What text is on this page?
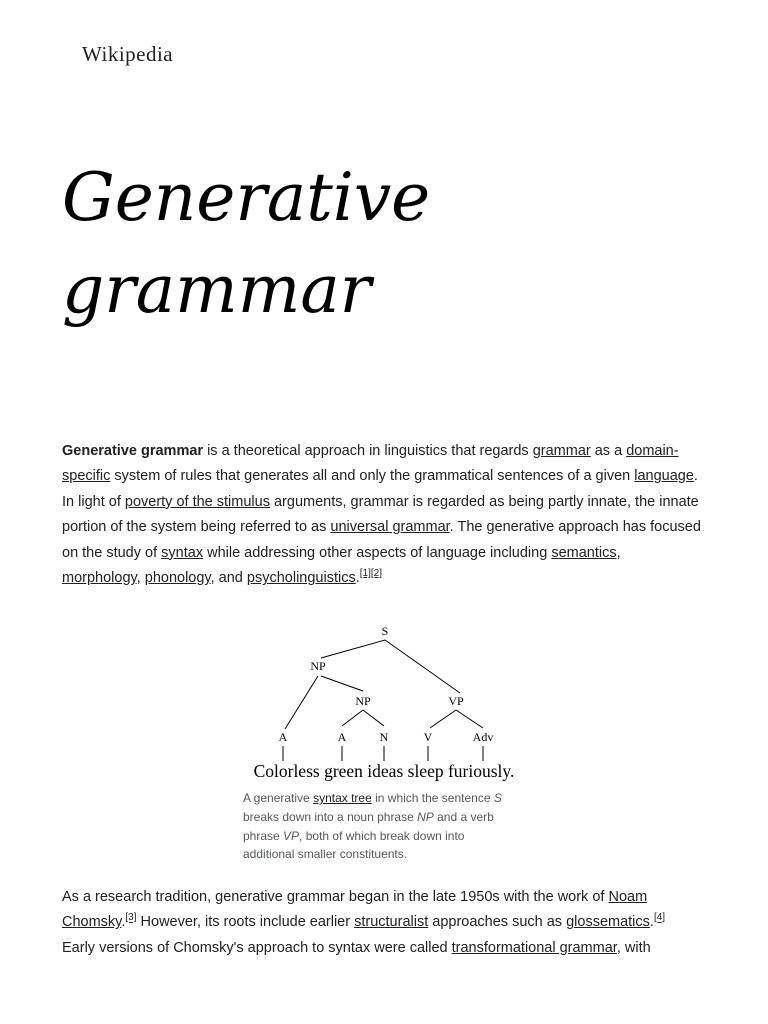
Wikipedia
Generative
grammar

Generative grammar is a theoretical approach in linguistics that regards grammar as a domain-specific system of rules that generates all and only the grammatical sentences of a given language. In light of poverty of the stimulus arguments, grammar is regarded as being partly innate, the innate portion of the system being referred to as universal grammar. The generative approach has focused on the study of syntax while addressing other aspects of language including semantics, morphology, phonology, and psycholinguistics.[1][2]

S
NP
NP	VP
A	A	N	V	Adv
Colorless green ideas sleep furiously.

A generative syntax tree in which the sentence S breaks down into a noun phrase NP and a verb phrase VP, both of which break down into additional smaller constituents.

As a research tradition, generative grammar began in the late 1950s with the work of Noam Chomsky.[3] However, its roots include earlier structuralist approaches such as glossematics.[4] Early versions of Chomsky's approach to syntax were called transformational grammar, with
